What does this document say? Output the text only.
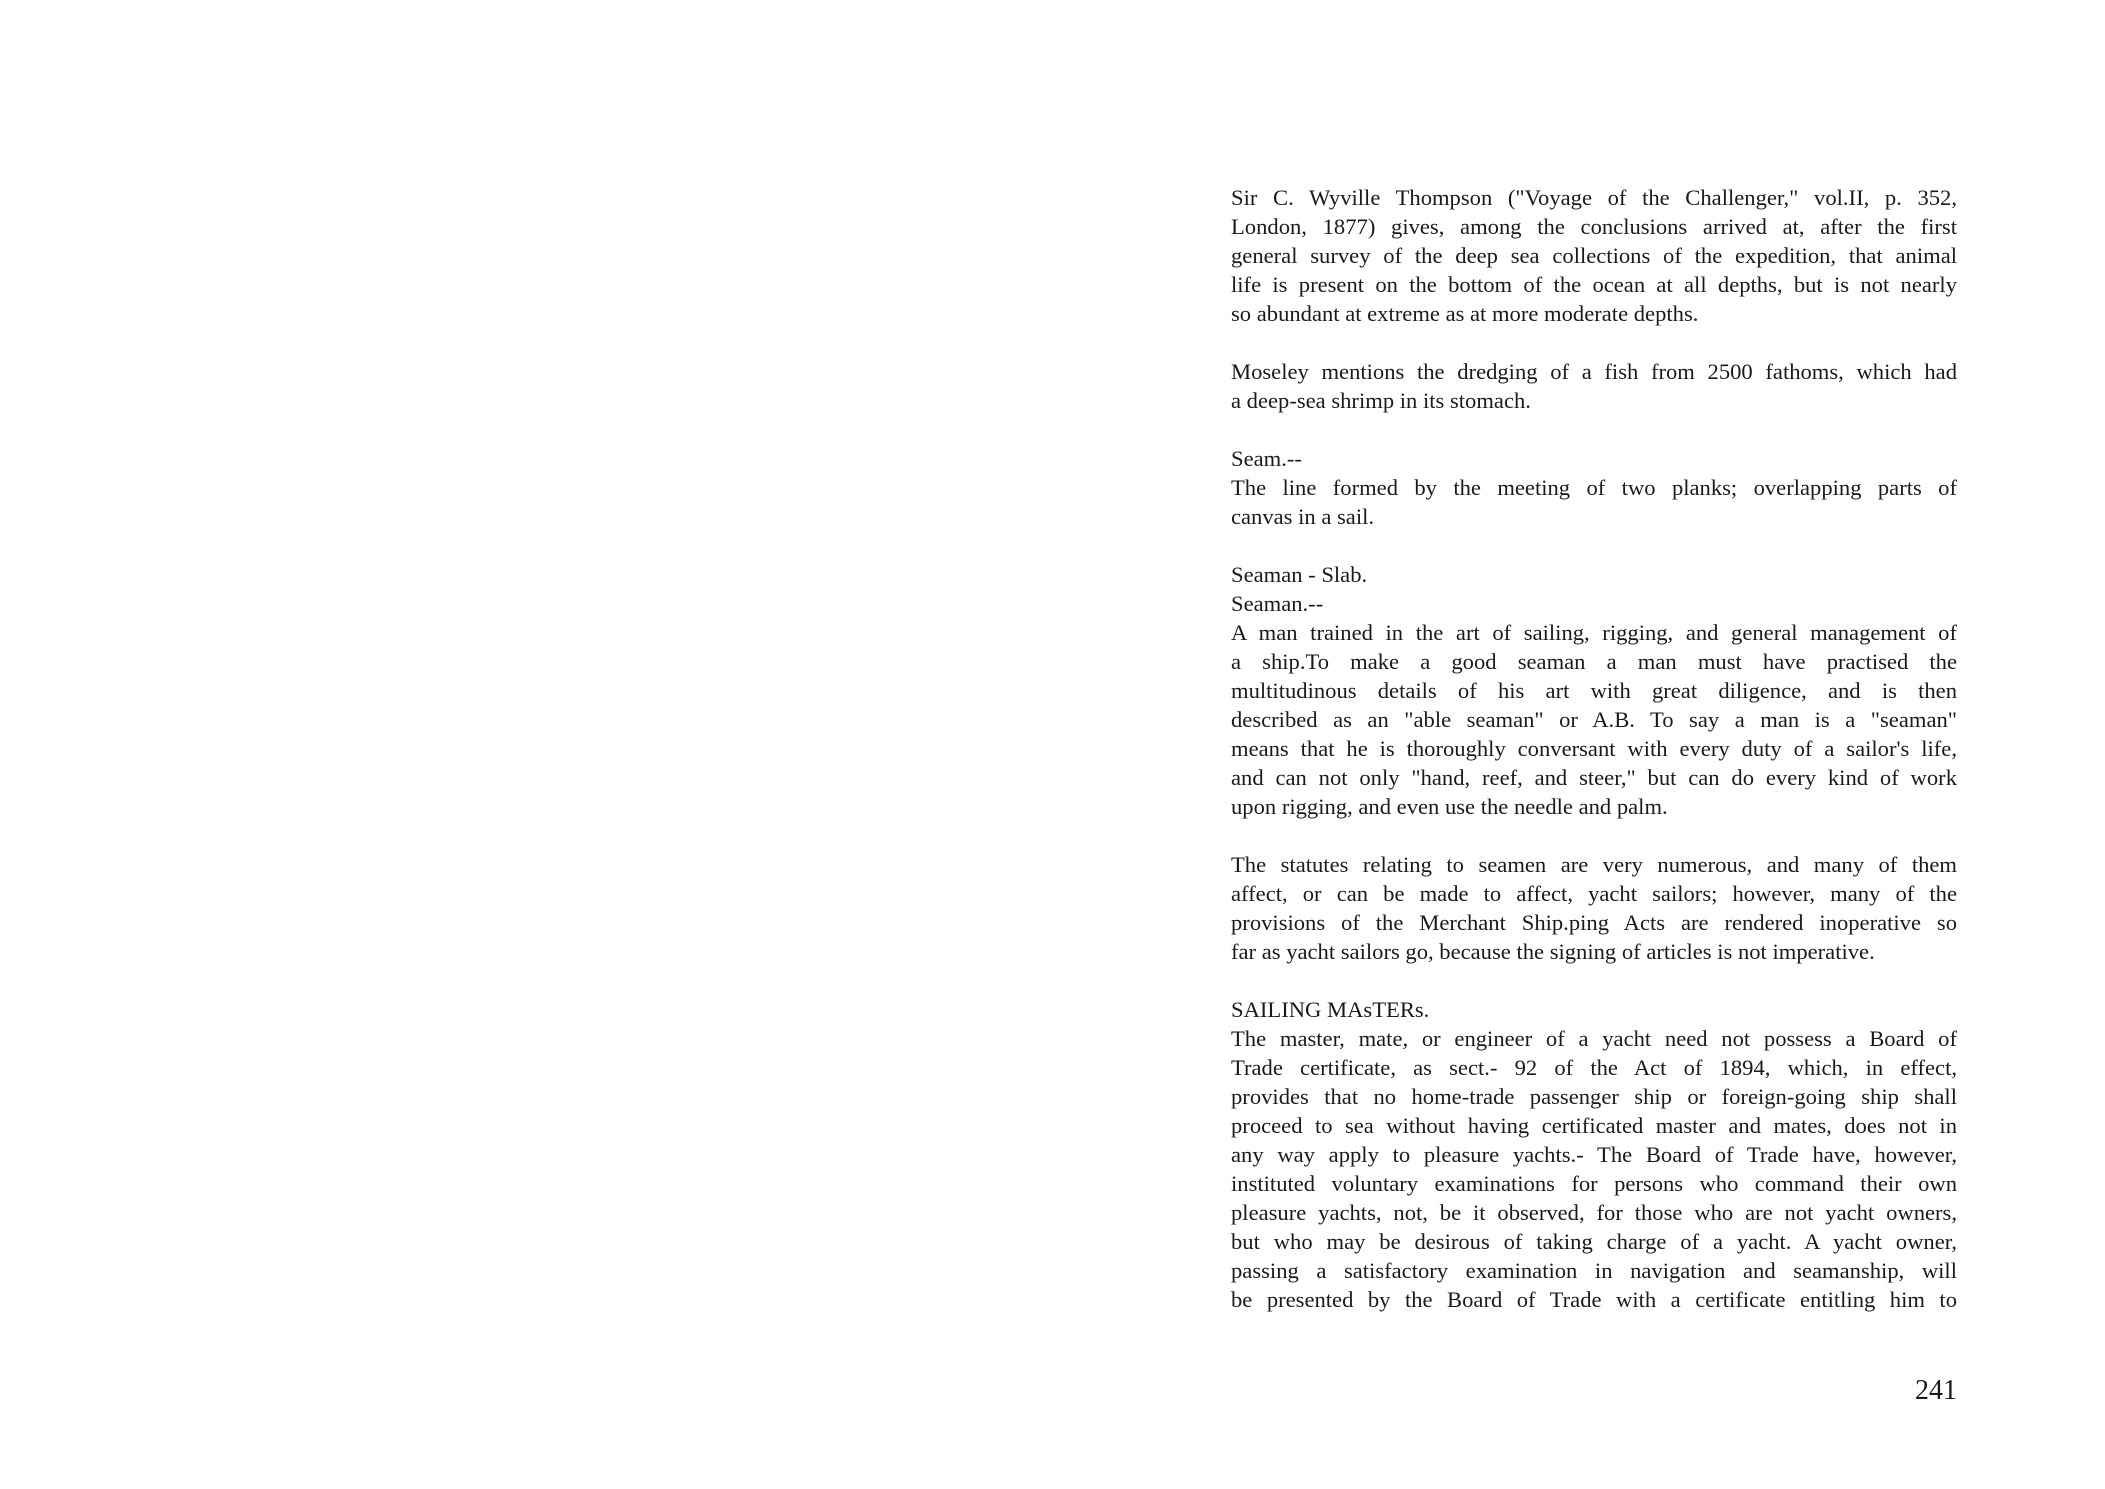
Sir C. Wyville Thompson ("Voyage of the Challenger," vol.II, p. 352,
London, 1877) gives, among the conclusions arrived at, after the first
general survey of the deep sea collections of the expedition, that animal
life is present on the bottom of the ocean at all depths, but is not nearly
so abundant at extreme as at more moderate depths.
Moseley mentions the dredging of a fish from 2500 fathoms, which had
a deep-sea shrimp in its stomach.
Seam.--
The line formed by the meeting of two planks; overlapping parts of
canvas in a sail.
Seaman - Slab.
Seaman.--
A man trained in the art of sailing, rigging, and general management of
a ship.To make a good seaman a man must have practised the
multitudinous details of his art with great diligence, and is then
described as an "able seaman" or A.B. To say a man is a "seaman"
means that he is thoroughly conversant with every duty of a sailor's life,
and can not only "hand, reef, and steer," but can do every kind of work
upon rigging, and even use the needle and palm.
The statutes relating to seamen are very numerous, and many of them
affect, or can be made to affect, yacht sailors; however, many of the
provisions of the Merchant Ship.ping Acts are rendered inoperative so
far as yacht sailors go, because the signing of articles is not imperative.
SAILING MAsTERs.
The master, mate, or engineer of a yacht need not possess a Board of
Trade certificate, as sect.- 92 of the Act of 1894, which, in effect,
provides that no home-trade passenger ship or foreign-going ship shall
proceed to sea without having certificated master and mates, does not in
any way apply to pleasure yachts.- The Board of Trade have, however,
instituted voluntary examinations for persons who command their own
pleasure yachts, not, be it observed, for those who are not yacht owners,
but who may be desirous of taking charge of a yacht. A yacht owner,
passing a satisfactory examination in navigation and seamanship, will
be presented by the Board of Trade with a certificate entitling him to
241
